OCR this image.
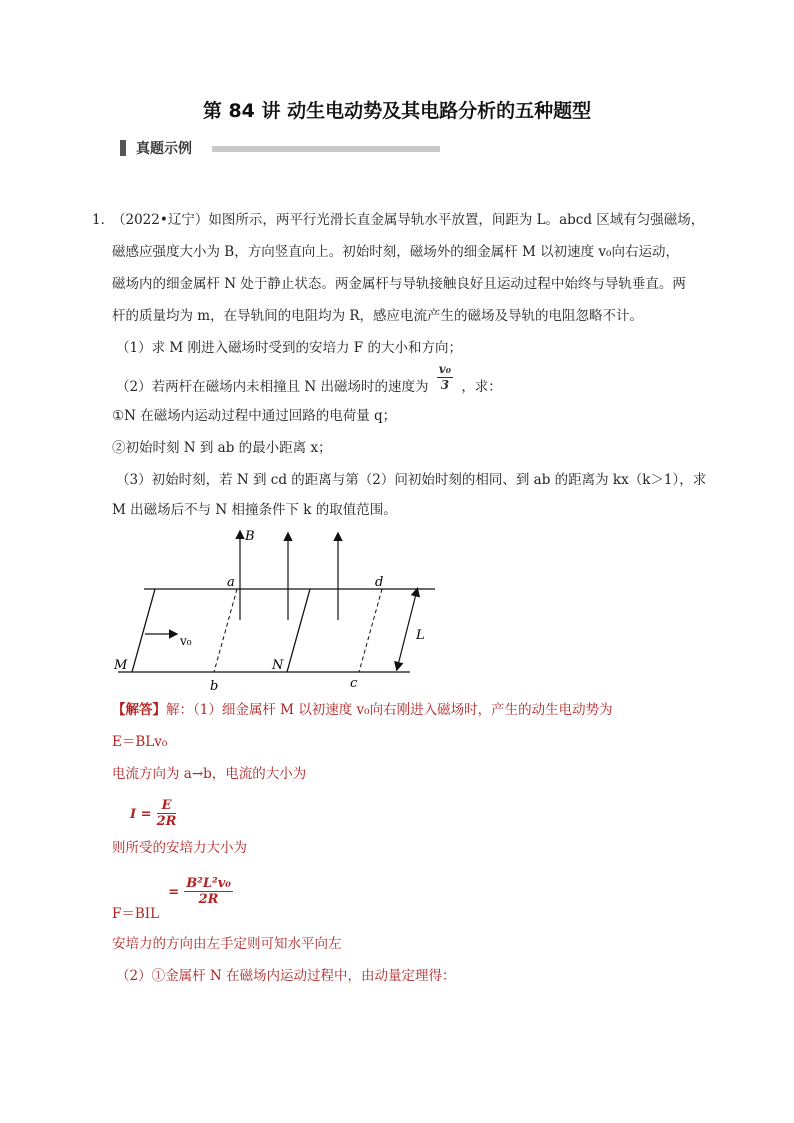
第 84 讲 动生电动势及其电路分析的五种题型
真题示例
1．
（2022•辽宁）如图所示，两平行光滑长直金属导轨水平放置，间距为 L。abcd 区域有匀强磁场，
磁感应强度大小为 B，方向竖直向上。初始时刻，磁场外的细金属杆 M 以初速度 v₀向右运动，
磁场内的细金属杆 N 处于静止状态。两金属杆与导轨接触良好且运动过程中始终与导轨垂直。两
杆的质量均为 m，在导轨间的电阻均为 R，感应电流产生的磁场及导轨的电阻忽略不计。
（1）求 M 刚进入磁场时受到的安培力 F 的大小和方向；
（2）若两杆在磁场内未相撞且 N 出磁场时的速度为 $\frac{\text{v₀}}{3}$ ，求：
①N 在磁场内运动过程中通过回路的电荷量 q；
②初始时刻 N 到 ab 的最小距离 x；
（3）初始时刻，若 N 到 cd 的距离与第（2）问初始时刻的相同、到 ab 的距离为 kx（k＞1），求
M 出磁场后不与 N 相撞条件下 k 的取值范围。
B
a	d
b	c
M	N
L
v₀
【解答】解：（1）细金属杆 M 以初速度 v₀向右刚进入磁场时，产生的动生电动势为
E＝BLv₀
电流方向为 a→b，电流的大小为
$I = \frac{E}{2R}$
则所受的安培力大小为
$_{F=BIL} = \frac{\text{B²L²v₀}}{2R}$
安培力的方向由左手定则可知水平向左
（2）①金属杆 N 在磁场内运动过程中，由动量定理得：
